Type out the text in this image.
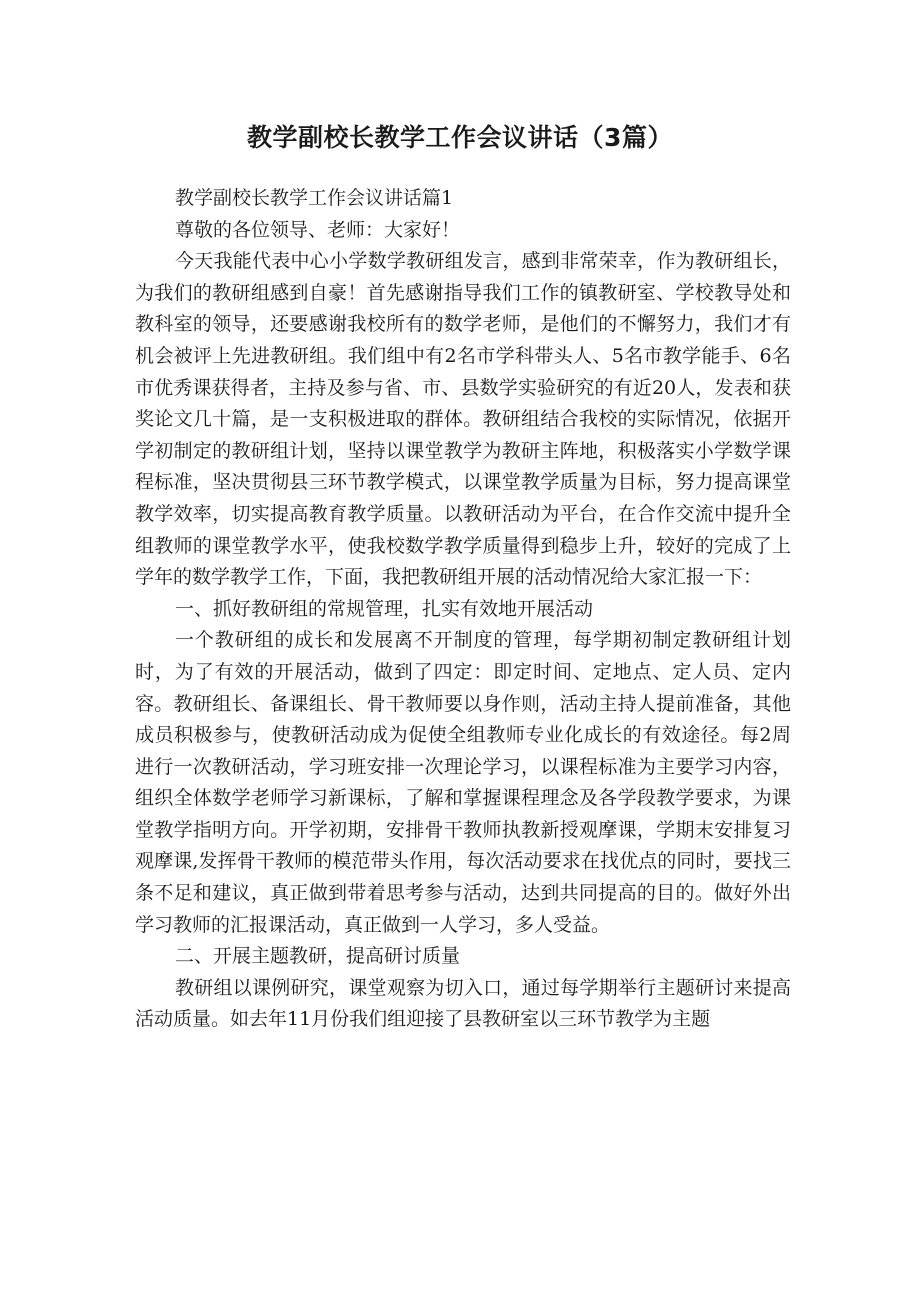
教学副校长教学工作会议讲话（3篇）

教学副校长教学工作会议讲话篇1

尊敬的各位领导、老师：大家好！

今天我能代表中心小学数学教研组发言，感到非常荣幸，作为教研组长，为我们的教研组感到自豪！首先感谢指导我们工作的镇教研室、学校教导处和教科室的领导，还要感谢我校所有的数学老师，是他们的不懈努力，我们才有机会被评上先进教研组。我们组中有2名市学科带头人、5名市教学能手、6名市优秀课获得者，主持及参与省、市、县数学实验研究的有近20人，发表和获奖论文几十篇，是一支积极进取的群体。教研组结合我校的实际情况，依据开学初制定的教研组计划，坚持以课堂教学为教研主阵地，积极落实小学数学课程标准，坚决贯彻县三环节教学模式，以课堂教学质量为目标，努力提高课堂教学效率，切实提高教育教学质量。以教研活动为平台，在合作交流中提升全组教师的课堂教学水平，使我校数学教学质量得到稳步上升，较好的完成了上学年的数学教学工作，下面，我把教研组开展的活动情况给大家汇报一下：

一、抓好教研组的常规管理，扎实有效地开展活动

一个教研组的成长和发展离不开制度的管理，每学期初制定教研组计划时，为了有效的开展活动，做到了四定：即定时间、定地点、定人员、定内容。教研组长、备课组长、骨干教师要以身作则，活动主持人提前准备，其他成员积极参与，使教研活动成为促使全组教师专业化成长的有效途径。每2周进行一次教研活动，学习班安排一次理论学习，以课程标准为主要学习内容，组织全体数学老师学习新课标，了解和掌握课程理念及各学段教学要求，为课堂教学指明方向。开学初期，安排骨干教师执教新授观摩课，学期末安排复习观摩课,发挥骨干教师的模范带头作用，每次活动要求在找优点的同时，要找三条不足和建议，真正做到带着思考参与活动，达到共同提高的目的。做好外出学习教师的汇报课活动，真正做到一人学习，多人受益。

二、开展主题教研，提高研讨质量

教研组以课例研究，课堂观察为切入口，通过每学期举行主题研讨来提高活动质量。如去年11月份我们组迎接了县教研室以三环节教学为主题
